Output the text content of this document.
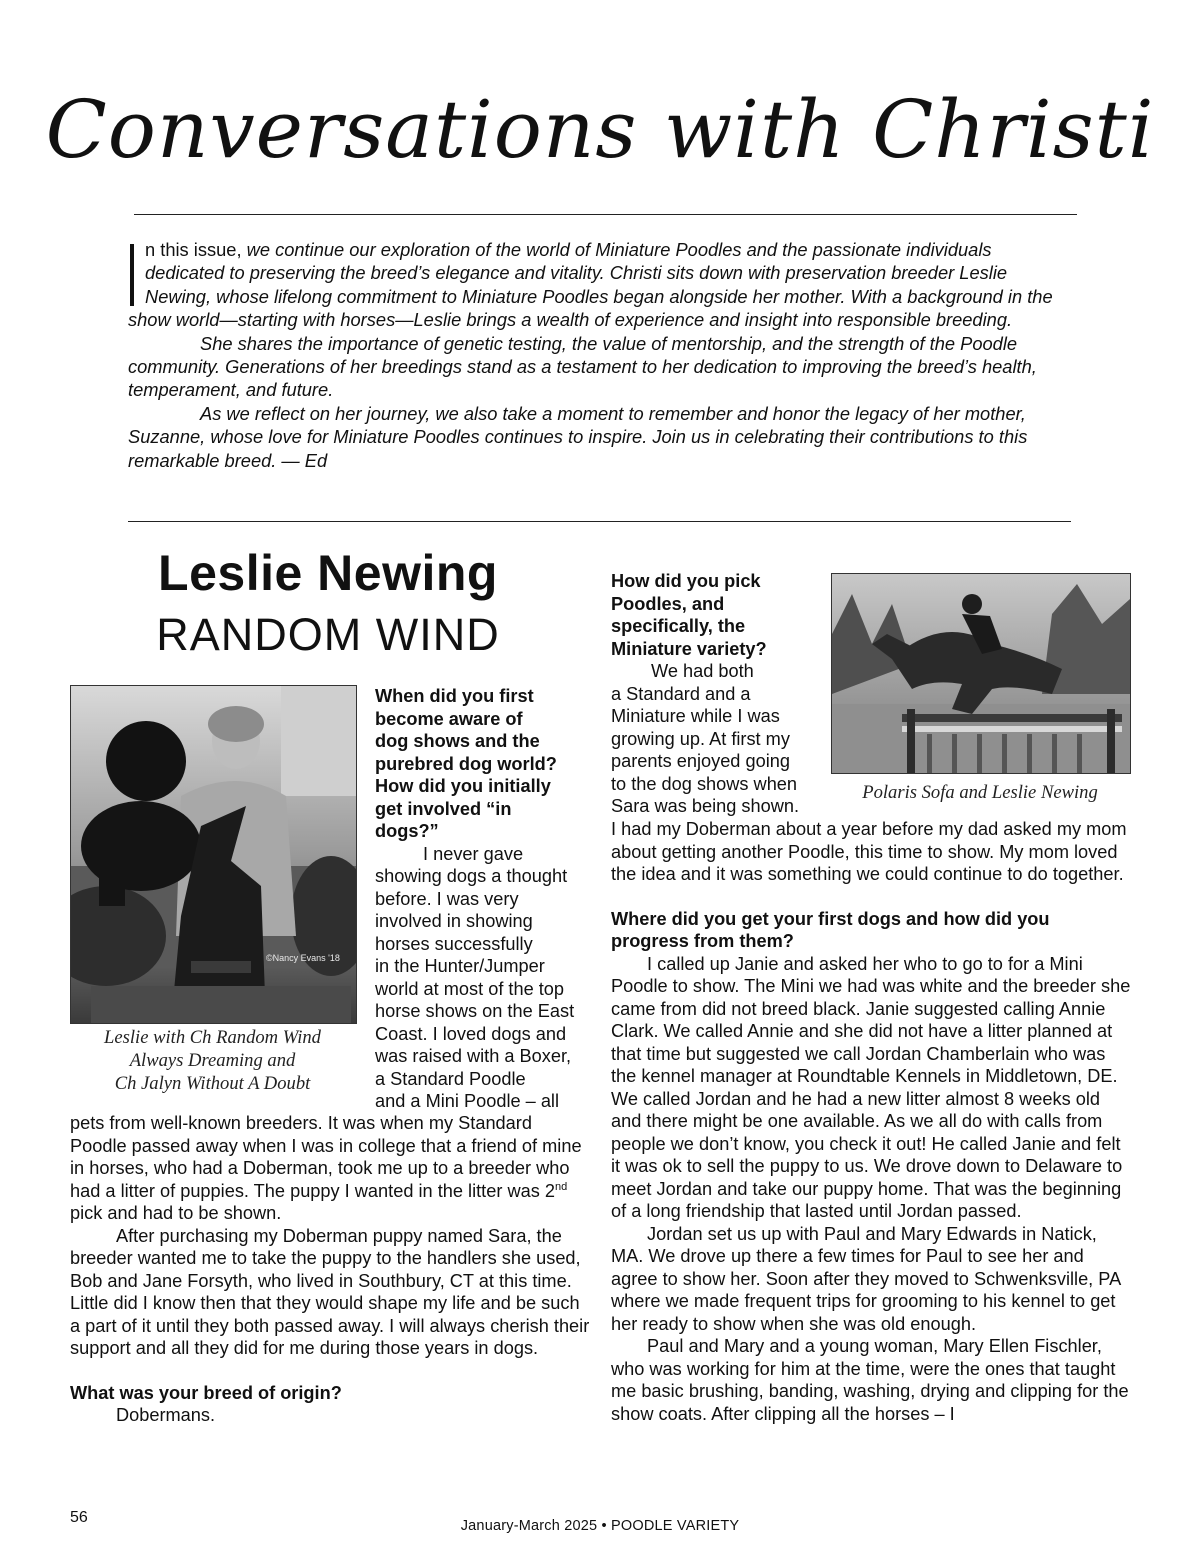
Conversations with Christi

n this issue, we continue our exploration of the world of Miniature Poodles and the passionate individuals dedicated to preserving the breed’s elegance and vitality. Christi sits down with preservation breeder Leslie Newing, whose lifelong commitment to Miniature Poodles began alongside her mother. With a background in the show world—starting with horses—Leslie brings a wealth of experience and insight into responsible breeding.

She shares the importance of genetic testing, the value of mentorship, and the strength of the Poodle community. Generations of her breedings stand as a testament to her dedication to improving the breed’s health, temperament, and future.

As we reflect on her journey, we also take a moment to remember and honor the legacy of her mother, Suzanne, whose love for Miniature Poodles continues to inspire. Join us in celebrating their contributions to this remarkable breed. — Ed

Leslie Newing
RANDOM WIND
©Nancy Evans '18
Leslie with Ch Random Wind
Always Dreaming and
Ch Jalyn Without A Doubt
When did you first
become aware of
dog shows and the
purebred dog world?
How did you initially
get involved “in
dogs?”
I never gave
showing dogs a thought
before. I was very
involved in showing
horses successfully
in the Hunter/Jumper
world at most of the top
horse shows on the East
Coast. I loved dogs and
was raised with a Boxer,
a Standard Poodle
and a Mini Poodle – all

pets from well-known breeders. It was when my Standard Poodle passed away when I was in college that a friend of mine in horses, who had a Doberman, took me up to a breeder who had a litter of puppies. The puppy I wanted in the litter was 2nd pick and had to be shown.

After purchasing my Doberman puppy named Sara, the breeder wanted me to take the puppy to the handlers she used, Bob and Jane Forsyth, who lived in Southbury, CT at this time. Little did I know then that they would shape my life and be such a part of it until they both passed away. I will always cherish their support and all they did for me during those years in dogs.

What was your breed of origin?

Dobermans.

How did you pick
Poodles, and
specifically, the
Miniature variety?
We had both
a Standard and a
Miniature while I was
growing up. At first my
parents enjoyed going
to the dog shows when
Sara was being shown.
Polaris Sofa and Leslie Newing

I had my Doberman about a year before my dad asked my mom about getting another Poodle, this time to show. My mom loved the idea and it was something we could continue to do together.

Where did you get your first dogs and how did you progress from them?

I called up Janie and asked her who to go to for a Mini Poodle to show. The Mini we had was white and the breeder she came from did not breed black. Janie suggested calling Annie Clark. We called Annie and she did not have a litter planned at that time but suggested we call Jordan Chamberlain who was the kennel manager at Roundtable Kennels in Middletown, DE. We called Jordan and he had a new litter almost 8 weeks old and there might be one available. As we all do with calls from people we don’t know, you check it out! He called Janie and felt it was ok to sell the puppy to us. We drove down to Delaware to meet Jordan and take our puppy home. That was the beginning of a long friendship that lasted until Jordan passed.

Jordan set us up with Paul and Mary Edwards in Natick, MA. We drove up there a few times for Paul to see her and agree to show her. Soon after they moved to Schwenksville, PA where we made frequent trips for grooming to his kennel to get her ready to show when she was old enough.

Paul and Mary and a young woman, Mary Ellen Fischler, who was working for him at the time, were the ones that taught me basic brushing, banding, washing, drying and clipping for the show coats. After clipping all the horses – I

56	January-March 2025 • POODLE VARIETY
